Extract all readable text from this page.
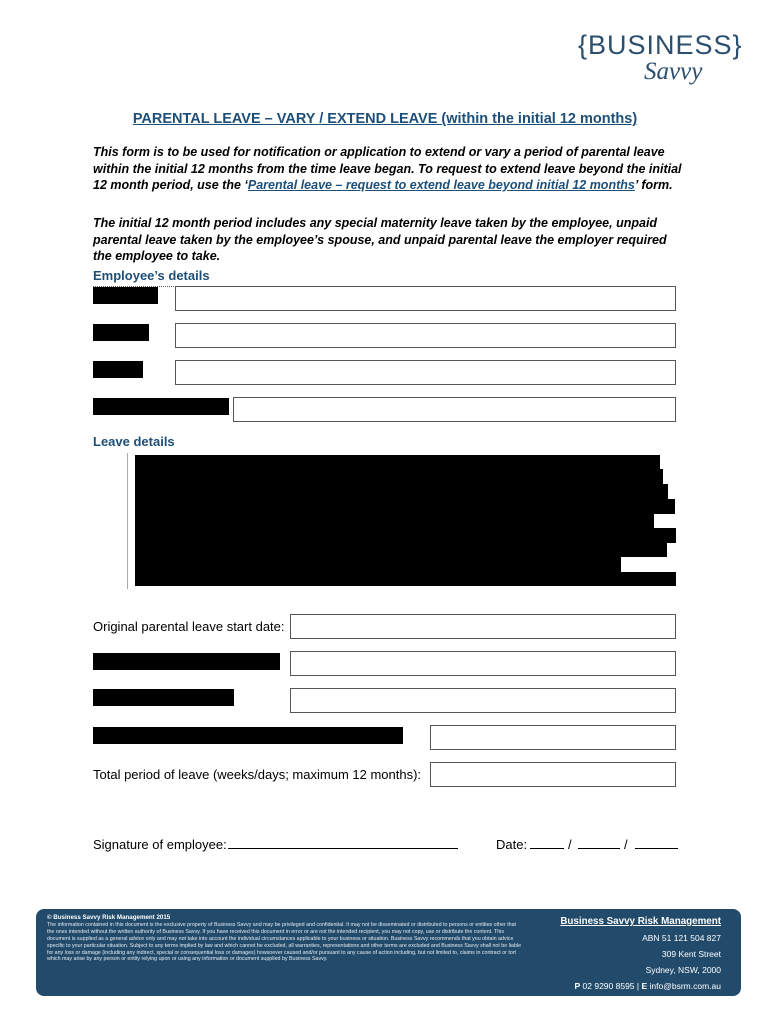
{BUSINESS}
Savvy
PARENTAL LEAVE – VARY / EXTEND LEAVE (within the initial 12 months)
This form is to be used for notification or application to extend or vary a period of parental leave within the initial 12 months from the time leave began. To request to extend leave beyond the initial 12 month period, use the ‘Parental leave – request to extend leave beyond initial 12 months’ form.
The initial 12 month period includes any special maternity leave taken by the employee, unpaid parental leave taken by the employee’s spouse, and unpaid parental leave the employer required the employee to take.
Employee’s details
Leave details
Original parental leave start date:
Total period of leave (weeks/days; maximum 12 months):
Signature of employee:	Date:	/	/
© Business Savvy Risk Management 2015
The information contained in this document is the exclusive property of Business Savvy and may be privileged and confidential. It may not be disseminated or distributed to persons or entities other that the ones intended without the written authority of Business Savvy. If you have received this document in error or are not the intended recipient, you may not copy, use or distribute the content. This document is supplied as a general advice only and may not take into account the individual circumstances applicable to your business or situation. Business Savvy recommends that you obtain advice specific to your particular situation. Subject to any terms implied by law and which cannot be excluded, all warranties, representations and other terms are excluded and Business Savvy shall not be liable for any loss or damage (including any indirect, special or consequential loss or damages) howsoever caused and/or pursuant to any cause of action including, but not limited to, claims in contract or tort which may arise by any person or entity relying upon or using any information or document supplied by Business Savvy.
Business Savvy Risk Management
ABN 51 121 504 827
309 Kent Street
Sydney, NSW, 2000
P 02 9290 8595 | E info@bsrm.com.au
